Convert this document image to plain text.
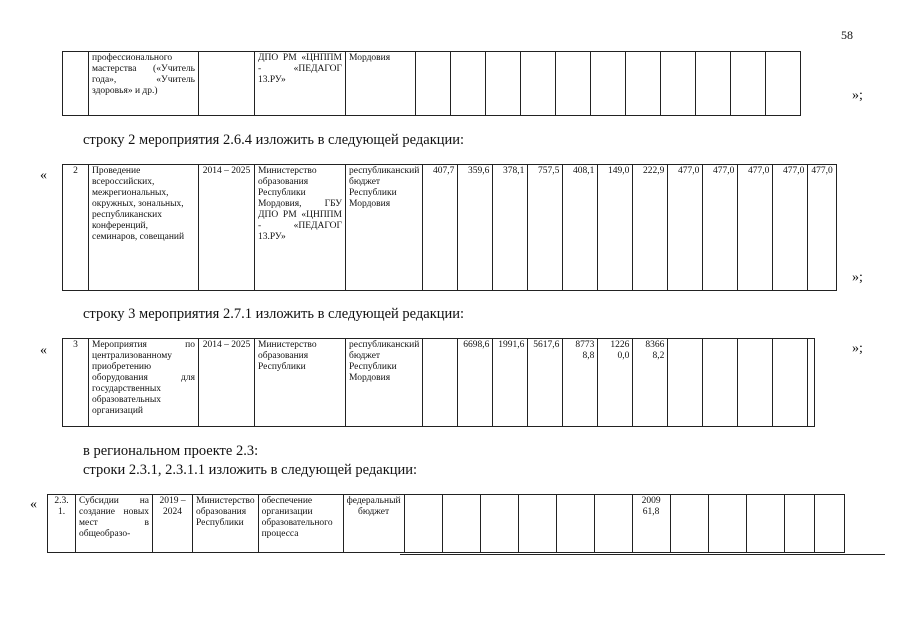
58
	профессионального мастерства («Учитель года», «Учитель здоровья» и др.)		ДПО РМ «ЦНППМ - «ПЕДАГОГ 13.РУ»	Мордовия											
»;
строку 2 мероприятия 2.6.4 изложить в следующей редакции:
«	2	Проведение всероссийских, межрегиональных, окружных, зональных, республиканских конференций, семинаров, совещаний	2014 – 2025	Министерство образования Республики Мордовия, ГБУ ДПО РМ «ЦНППМ - «ПЕДАГОГ 13.РУ»	республиканский бюджет Республики Мордовия	407,7	359,6	378,1	757,5	408,1	149,0	222,9	477,0	477,0	477,0	477,0	477,0
»;
строку 3 мероприятия 2.7.1 изложить в следующей редакции:
«	3	Мероприятия по централизованному приобретению оборудования для государственных образовательных организаций	2014 – 2025	Министерство образования Республики	республиканский бюджет Республики Мордовия		6698,6	1991,6	5617,6	8773 8,8	1226 0,0	8366 8,2						»;
в региональном проекте 2.3:
строки 2.3.1, 2.3.1.1 изложить в следующей редакции:
« 2.3. 1.	Субсидии на создание новых мест в общеобразо-	2019 – 2024	Министерство образования Республики	обеспечение организации образовательного процесса	федеральный бюджет							2009 61,8					
